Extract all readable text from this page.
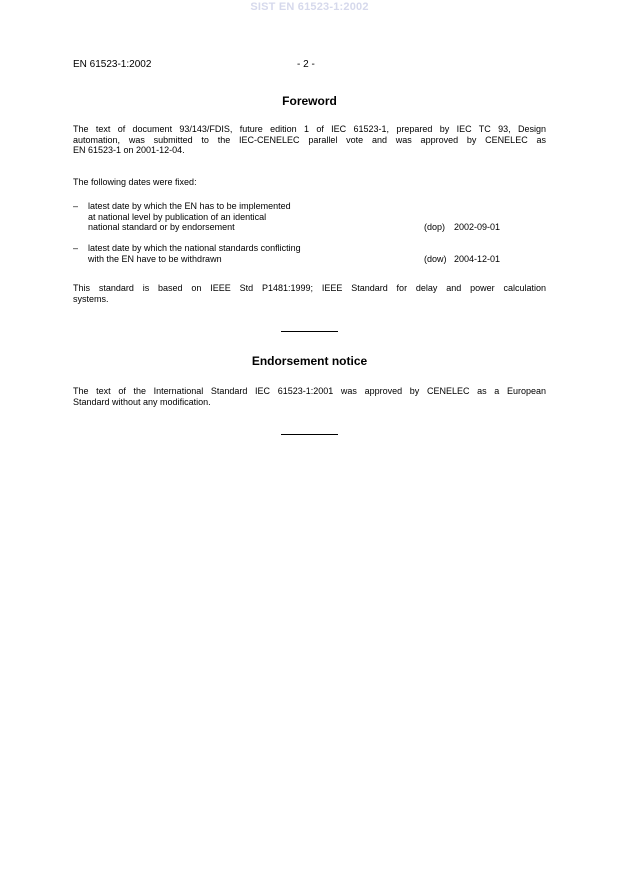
SIST EN 61523-1:2002
EN 61523-1:2002	- 2 -
Foreword
The text of document 93/143/FDIS, future edition 1 of IEC 61523-1, prepared by IEC TC 93, Design
automation, was submitted to the IEC-CENELEC parallel vote and was approved by CENELEC as
EN 61523-1 on 2001-12-04.
The following dates were fixed:
– latest date by which the EN has to be implemented
at national level by publication of an identical
national standard or by endorsement	(dop) 2002-09-01
– latest date by which the national standards conflicting
with the EN have to be withdrawn	(dow) 2004-12-01
This standard is based on IEEE Std P1481:1999; IEEE Standard for delay and power calculation
systems.
Endorsement notice
The text of the International Standard IEC 61523-1:2001 was approved by CENELEC as a European
Standard without any modification.
